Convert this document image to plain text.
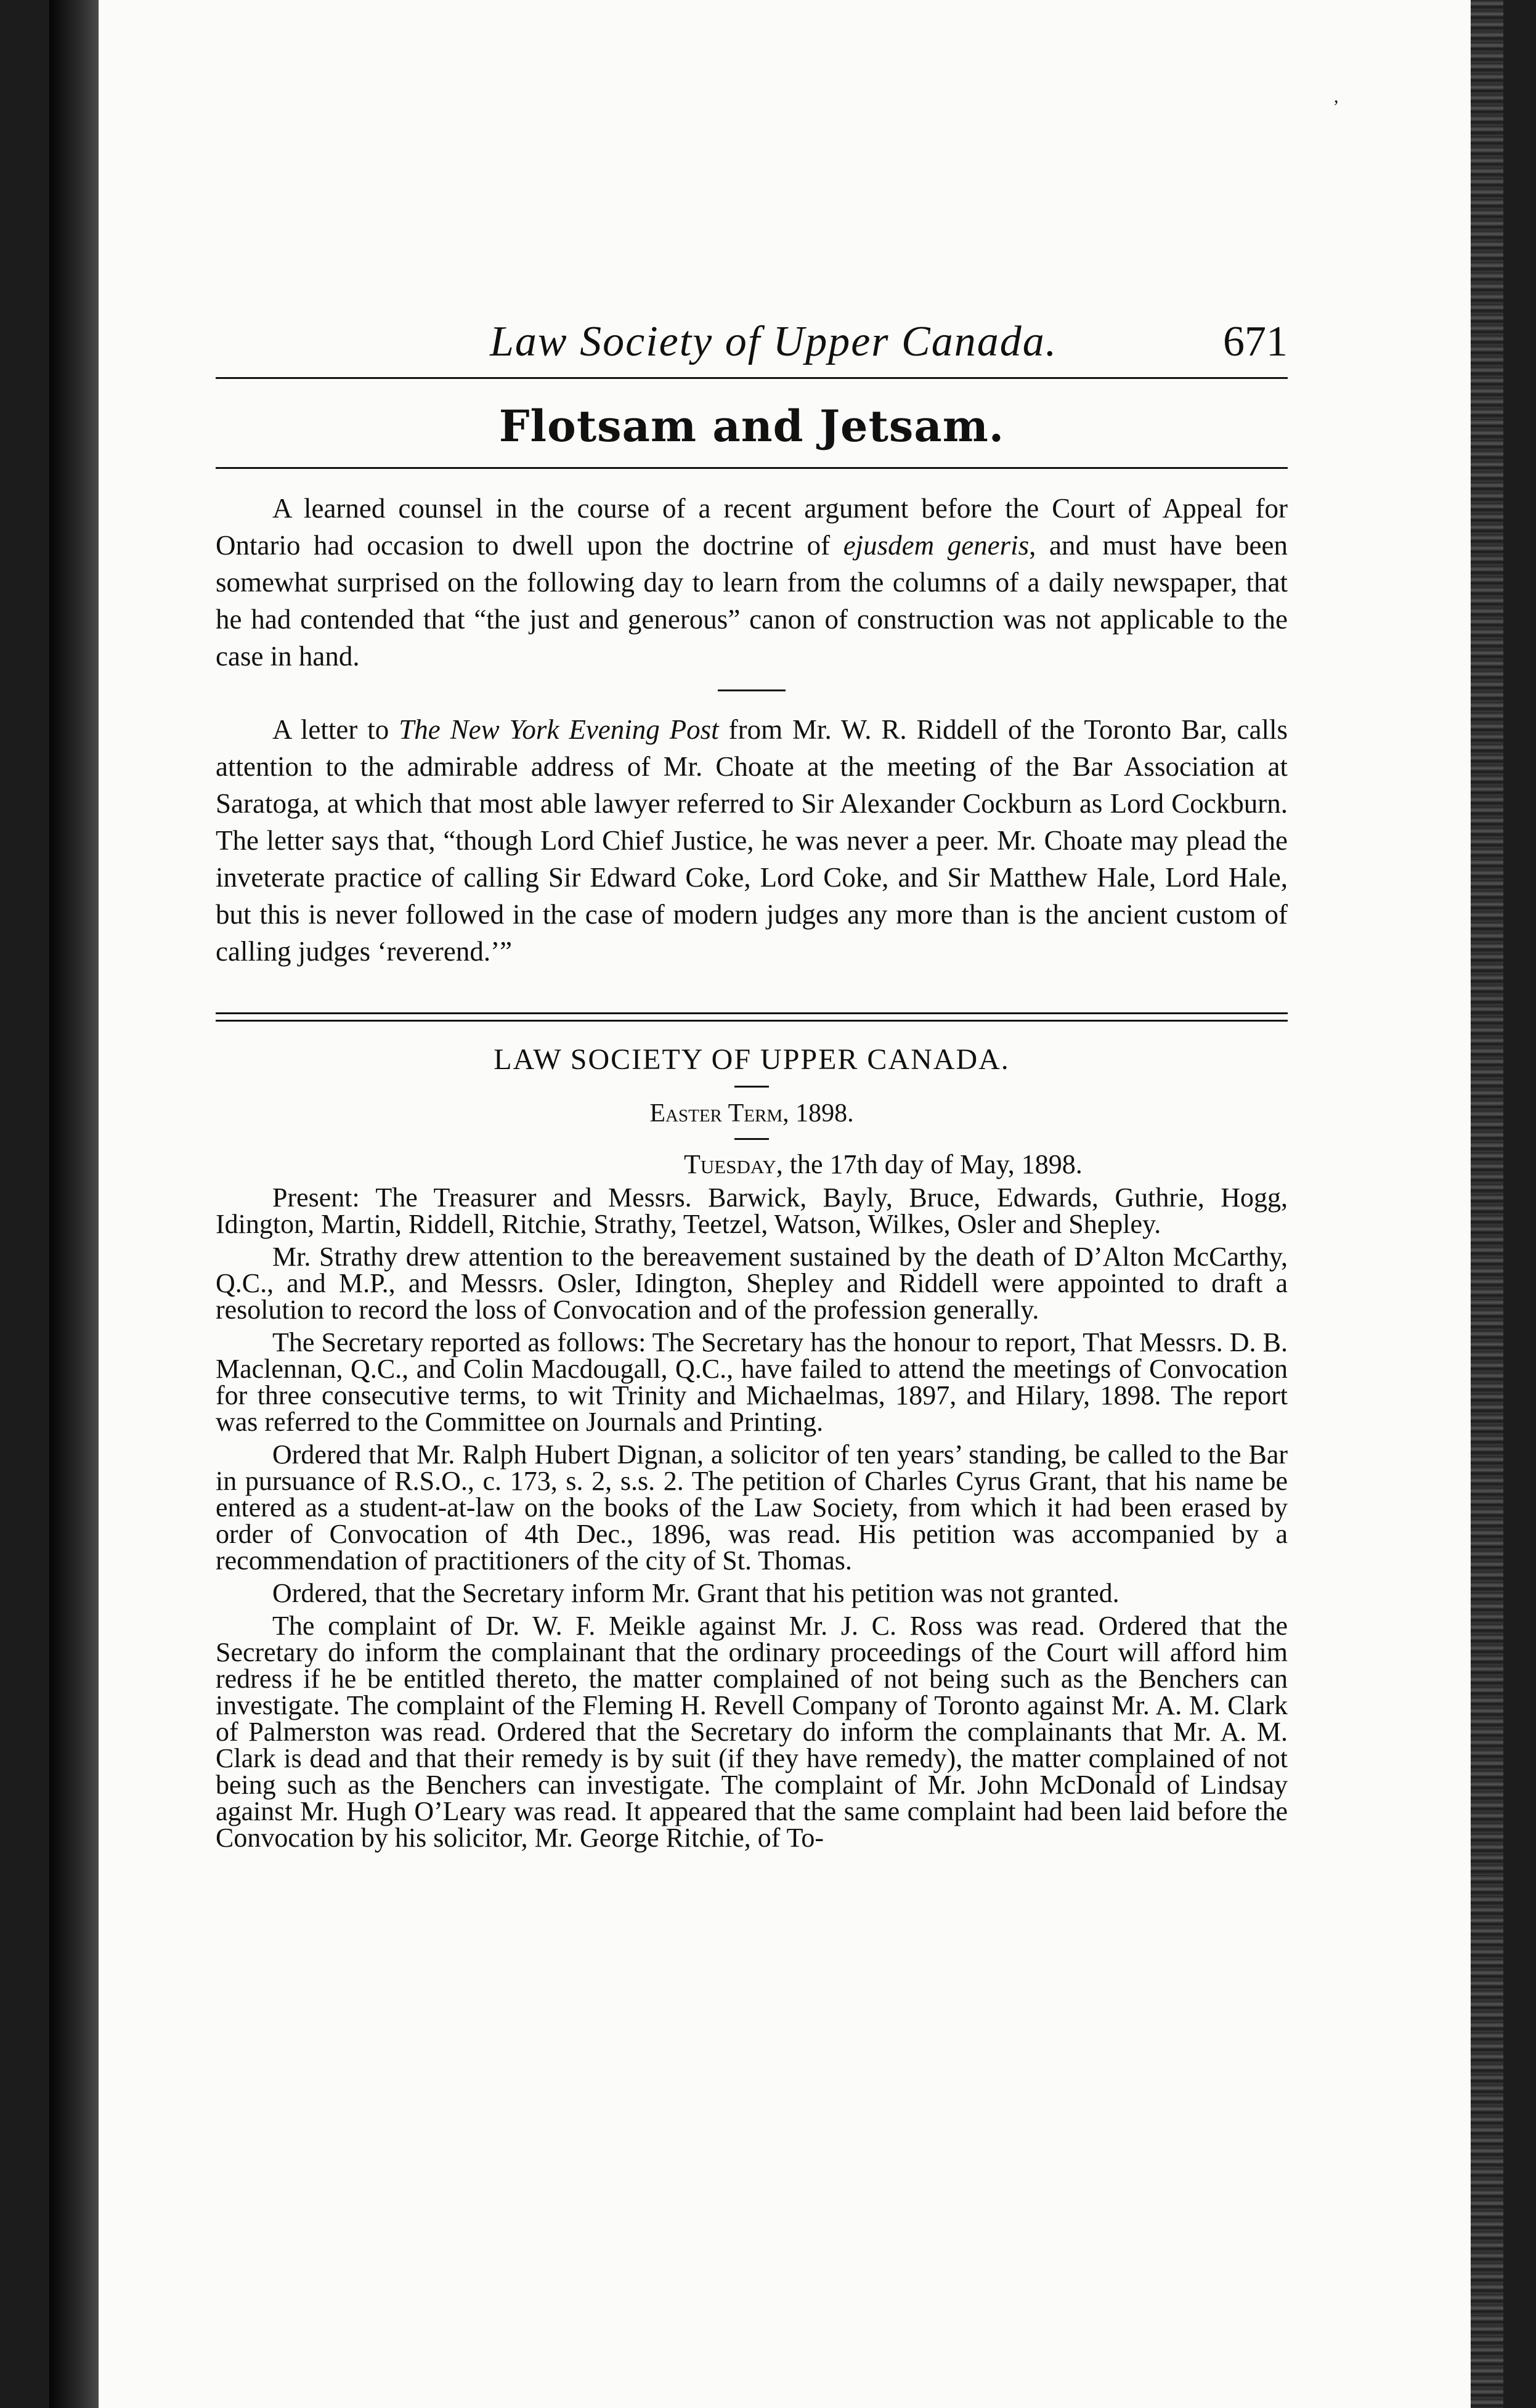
Law Society of Upper Canada.	671
Flotsam and Jetsam.

A learned counsel in the course of a recent argument before the Court of Appeal for Ontario had occasion to dwell upon the doctrine of ejusdem generis, and must have been somewhat surprised on the following day to learn from the columns of a daily newspaper, that he had contended that “the just and generous” canon of construction was not applicable to the case in hand.

A letter to The New York Evening Post from Mr. W. R. Riddell of the Toronto Bar, calls attention to the admirable address of Mr. Choate at the meeting of the Bar Association at Saratoga, at which that most able lawyer referred to Sir Alexander Cockburn as Lord Cockburn. The letter says that, “though Lord Chief Justice, he was never a peer. Mr. Choate may plead the inveterate practice of calling Sir Edward Coke, Lord Coke, and Sir Matthew Hale, Lord Hale, but this is never followed in the case of modern judges any more than is the ancient custom of calling judges ‘reverend.’”

LAW SOCIETY OF UPPER CANADA.
Easter Term, 1898.
Tuesday, the 17th day of May, 1898.

Present: The Treasurer and Messrs. Barwick, Bayly, Bruce, Edwards, Guthrie, Hogg, Idington, Martin, Riddell, Ritchie, Strathy, Teetzel, Watson, Wilkes, Osler and Shepley.

Mr. Strathy drew attention to the bereavement sustained by the death of D’Alton McCarthy, Q.C., and M.P., and Messrs. Osler, Idington, Shepley and Riddell were appointed to draft a resolution to record the loss of Convocation and of the profession generally.

The Secretary reported as follows: The Secretary has the honour to report, That Messrs. D. B. Maclennan, Q.C., and Colin Macdougall, Q.C., have failed to attend the meetings of Convocation for three consecutive terms, to wit Trinity and Michaelmas, 1897, and Hilary, 1898. The report was referred to the Committee on Journals and Printing.

Ordered that Mr. Ralph Hubert Dignan, a solicitor of ten years’ standing, be called to the Bar in pursuance of R.S.O., c. 173, s. 2, s.s. 2. The petition of Charles Cyrus Grant, that his name be entered as a student-at-law on the books of the Law Society, from which it had been erased by order of Convocation of 4th Dec., 1896, was read. His petition was accompanied by a recommendation of practitioners of the city of St. Thomas.

Ordered, that the Secretary inform Mr. Grant that his petition was not granted.

The complaint of Dr. W. F. Meikle against Mr. J. C. Ross was read. Ordered that the Secretary do inform the complainant that the ordinary proceedings of the Court will afford him redress if he be entitled thereto, the matter complained of not being such as the Benchers can investigate. The complaint of the Fleming H. Revell Company of Toronto against Mr. A. M. Clark of Palmerston was read. Ordered that the Secretary do inform the complainants that Mr. A. M. Clark is dead and that their remedy is by suit (if they have remedy), the matter complained of not being such as the Benchers can investigate. The complaint of Mr. John McDonald of Lindsay against Mr. Hugh O’Leary was read. It appeared that the same complaint had been laid before the Convocation by his solicitor, Mr. George Ritchie, of To-

,
